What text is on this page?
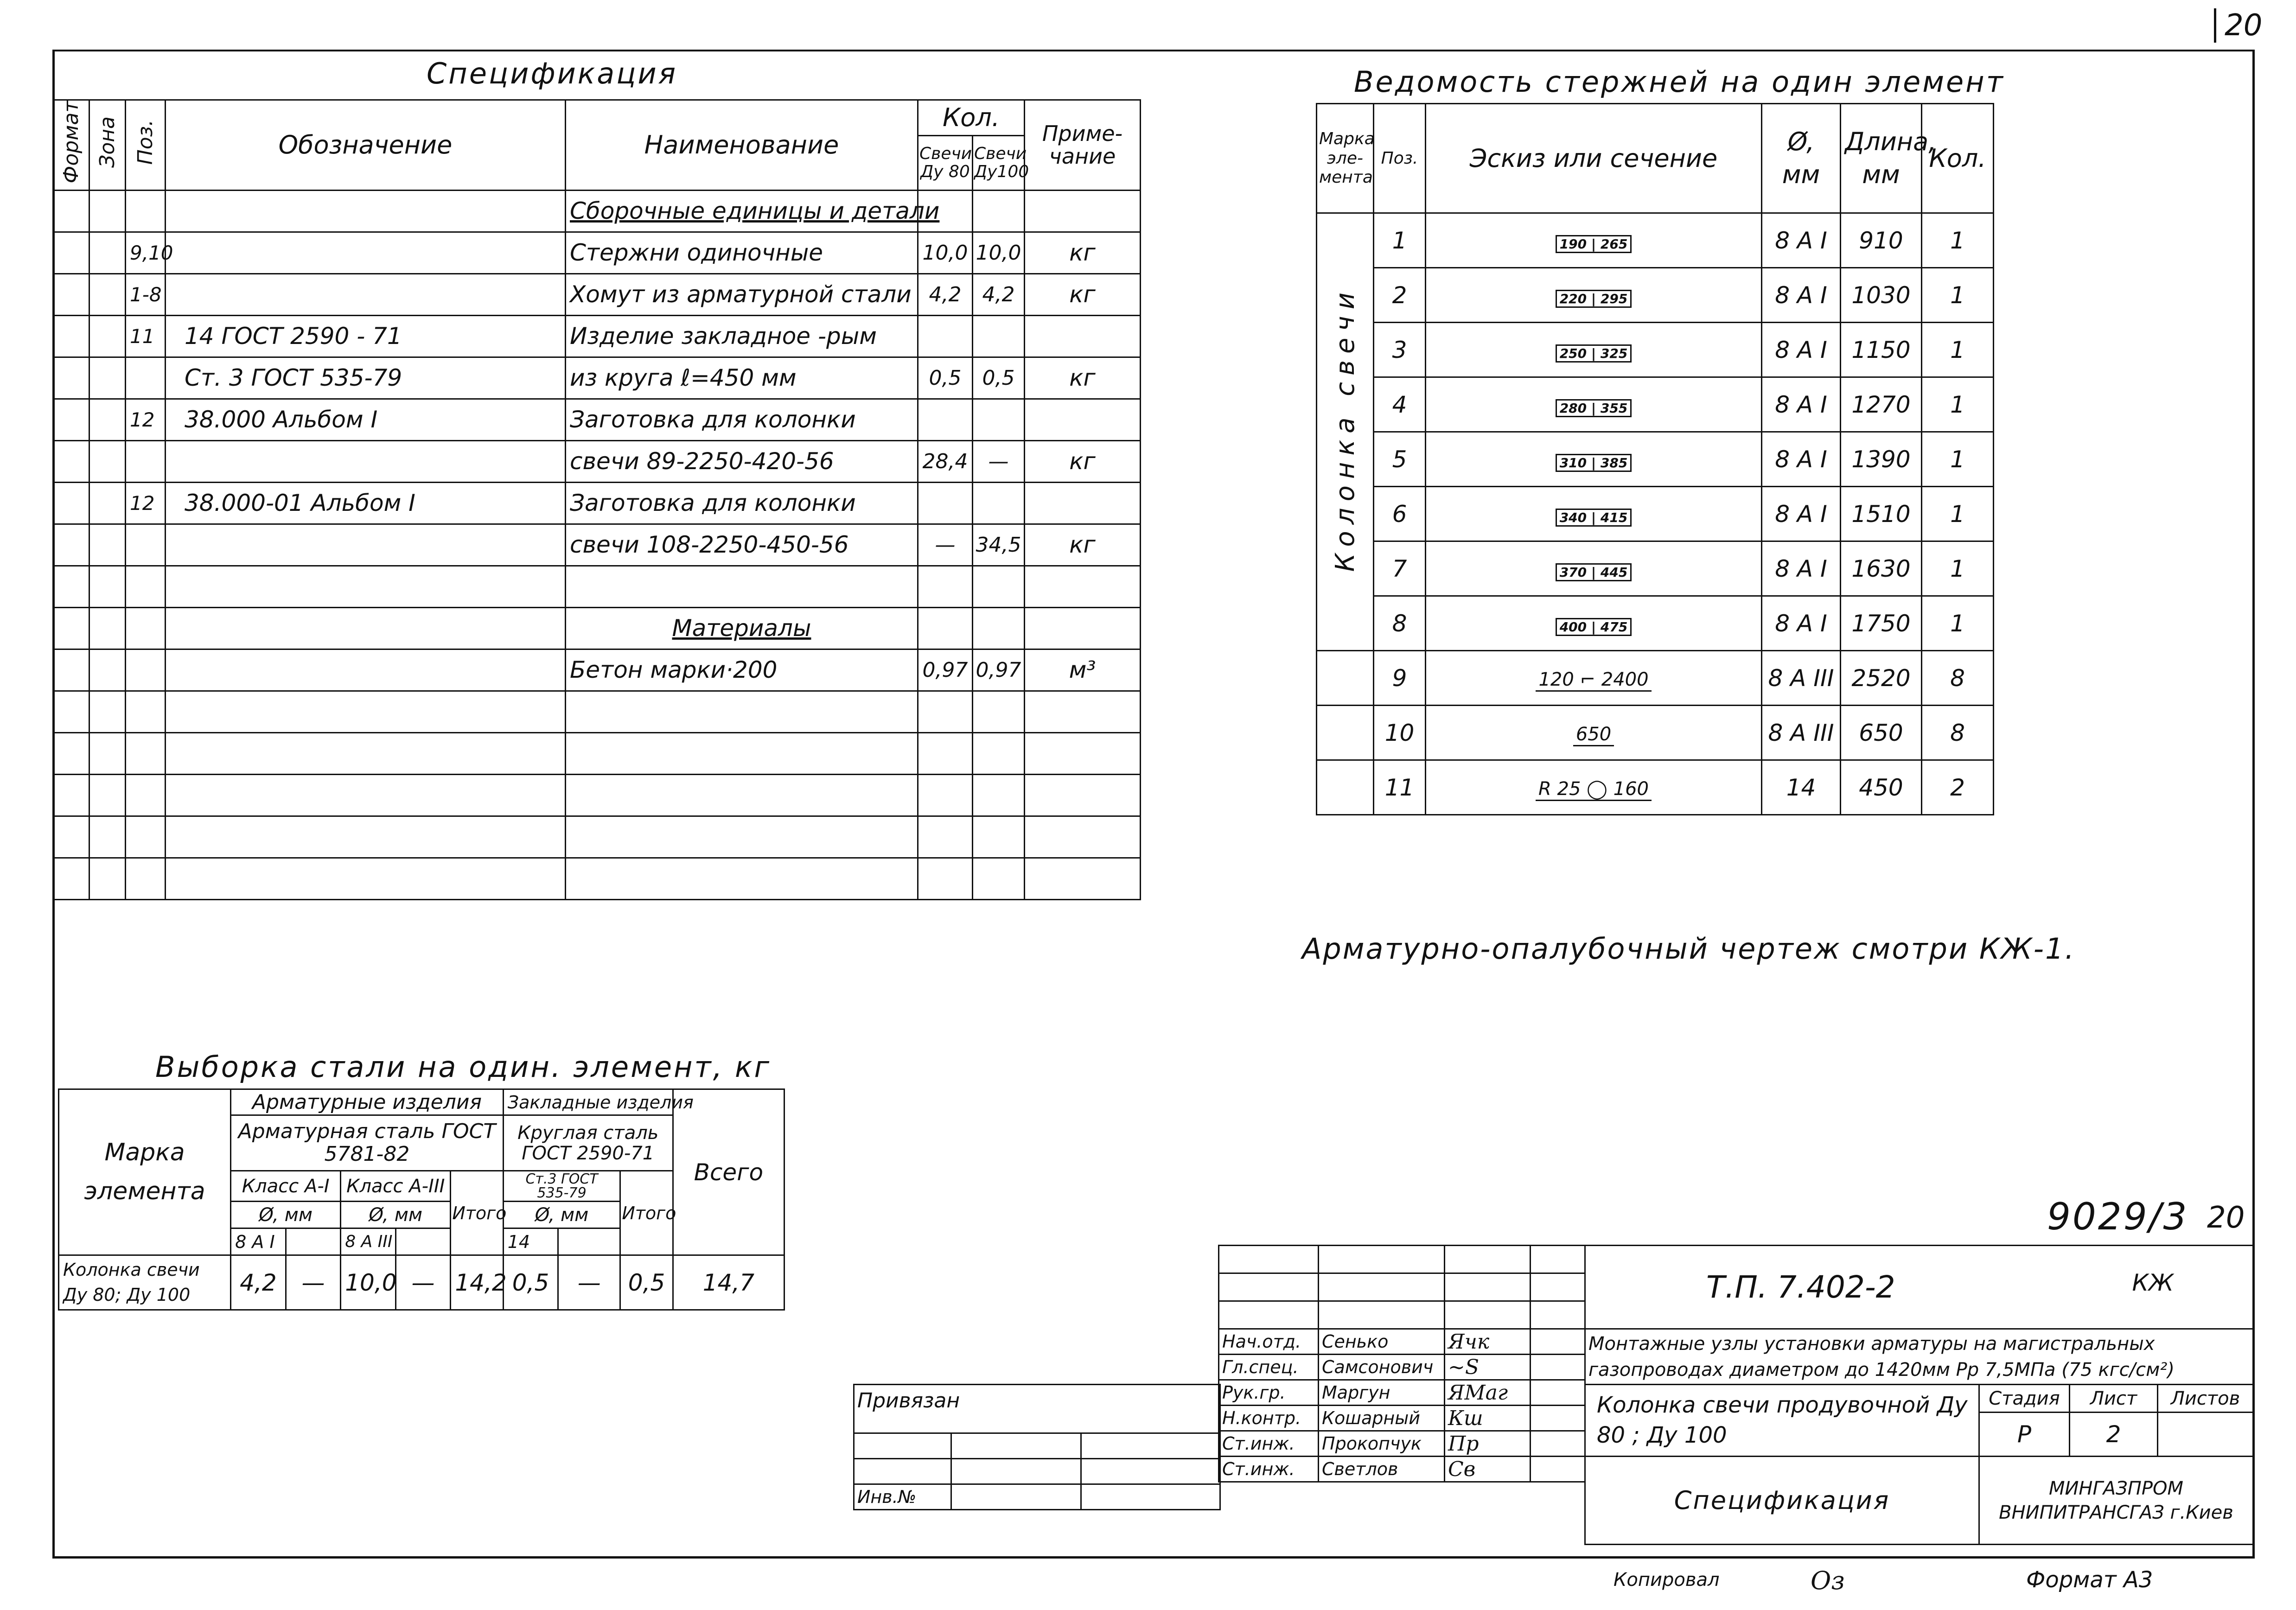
20
Спецификация
Формат	Зона	Поз.	Обозначение	Наименование	Кол.		Приме- чание
					Свечи Ду 80	Свечи Ду100	
				Сборочные единицы и детали			
		9,10		Стержни одиночные	10,0	10,0	кг
		1-8		Хомут из арматурной стали	4,2	4,2	кг
		11	14 ГОСТ 2590 - 71	Изделие закладное -рым			
			Ст. 3 ГОСТ 535-79	из круга ℓ=450 мм	0,5	0,5	кг
		12	38.000 Альбом I	Заготовка для колонки			
				свечи 89-2250-420-56	28,4	—	кг
		12	38.000-01 Альбом I	Заготовка для колонки			
				свечи 108-2250-450-56	—	34,5	кг

				Материалы			
				Бетон марки·200	0,97	0,97	м³

Ведомость стержней на один элемент
Марка эле- мента	Поз.	Эскиз или сечение	Ø, мм	Длина, мм	Кол.
Колонка свечи	1	190 | 265	8 A I	910	1
	2	220 | 295	8 A I	1030	1
	3	250 | 325	8 A I	1150	1
	4	280 | 355	8 A I	1270	1
	5	310 | 385	8 A I	1390	1
	6	340 | 415	8 A I	1510	1
	7	370 | 445	8 A I	1630	1
	8	400 | 475	8 A I	1750	1
	9	120 ⌐ 2400	8 A III	2520	8
	10	650	8 A III	650	8
	11	R 25 ◯ 160	14	450	2
Арматурно-опалубочный чертеж смотри КЖ-1.
Выборка стали на один. элемент, кг
Марка элемента	Арматурные изделия					Закладные изделия			Всего
	Арматурная сталь ГОСТ 5781-82					Круглая сталь ГОСТ 2590-71			
	Класс A-I		Класс A-III		Итого	Ст.3 ГОСТ 535-79		Итого	
	Ø, мм		Ø, мм			Ø, мм			
	8 A I		8 A III			14			
Колонка свечи Ду 80; Ду 100	4,2	—	10,0	—	14,2	0,5	—	0,5	14,7
9029/3 20

Нач.отд.	Сенько	Ячк	
Гл.спец.	Самсонович	~S	
Рук.гр.	Маргун	ЯМаг	
Н.контр.	Кошарный	Кш	
Ст.инж.	Прокопчук	Пр	
Ст.инж.	Светлов	Св	
Привязан		

Инв.№		
Т.П. 7.402-2 КЖ			

Монтажные узлы установки арматуры на магистральных газопроводах диаметром до 1420мм Рр 7,5МПа (75 кгс/см²)			
Колонка свечи продувочной Ду 80 ; Ду 100	Стадия	Лист	Листов
	Р	2	
Спецификация	МИНГАЗПРОМ ВНИПИТРАНСГАЗ г.Киев		
Копировал	Оз	Формат А3
